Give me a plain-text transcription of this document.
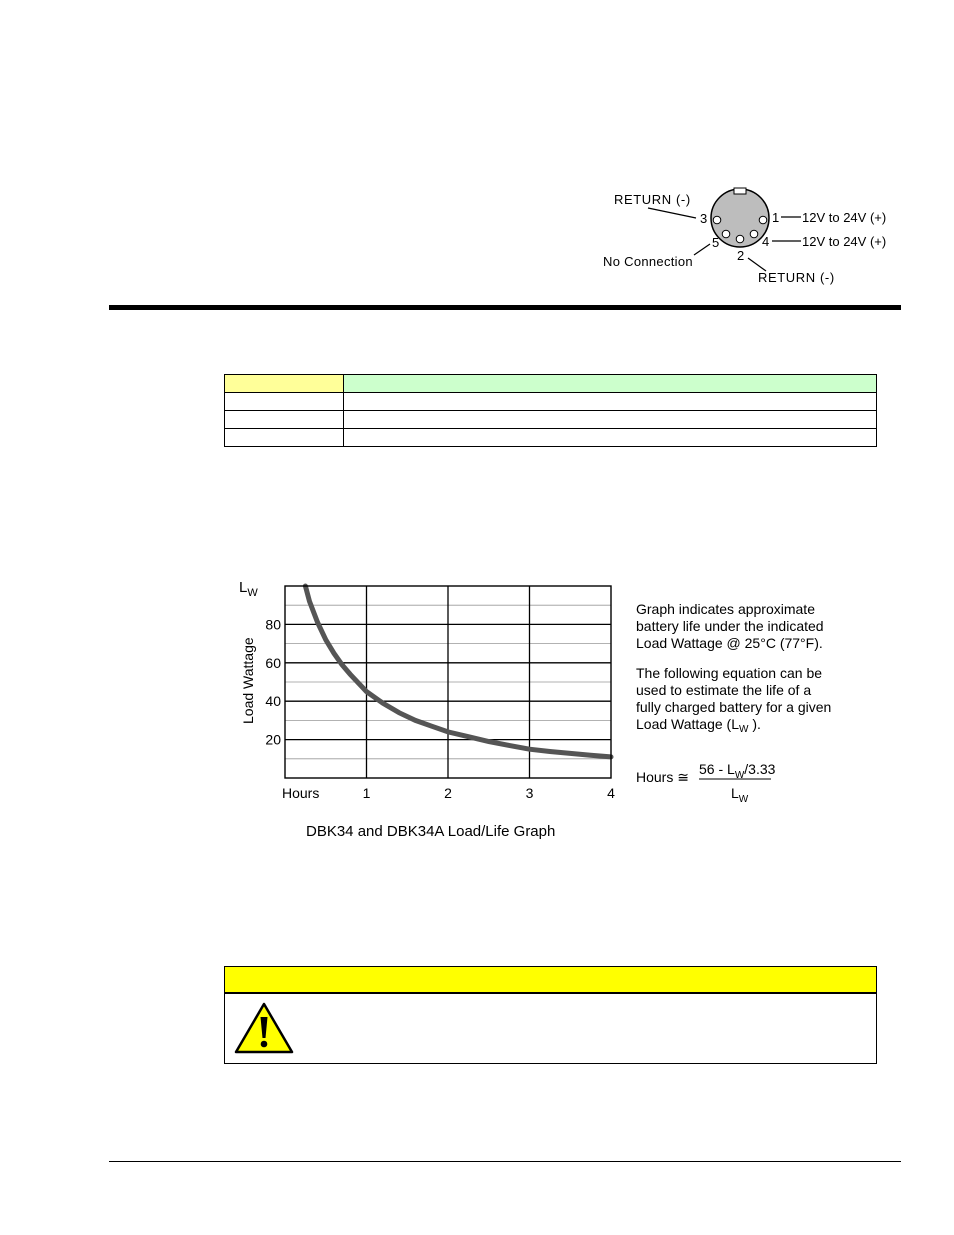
1 12V to 24V (+)
4	12V to 24V (+)
RETURN (-)
3
2
RETURN (-)
5
No Connection

$L_W$
Load Wattage
20
40
60
80
Hours	1	2	3	4
DBK34 and DBK34A Load/Life Graph
Graph indicates approximate
battery life under the indicated
Load Wattage @ 25°C (77°F).
The following equation can be
used to estimate the life of a
fully charged battery for a given
Load Wattage ($L_W$ ).
Hours ≅ $56 - L_W/3.33$
$L_W$
